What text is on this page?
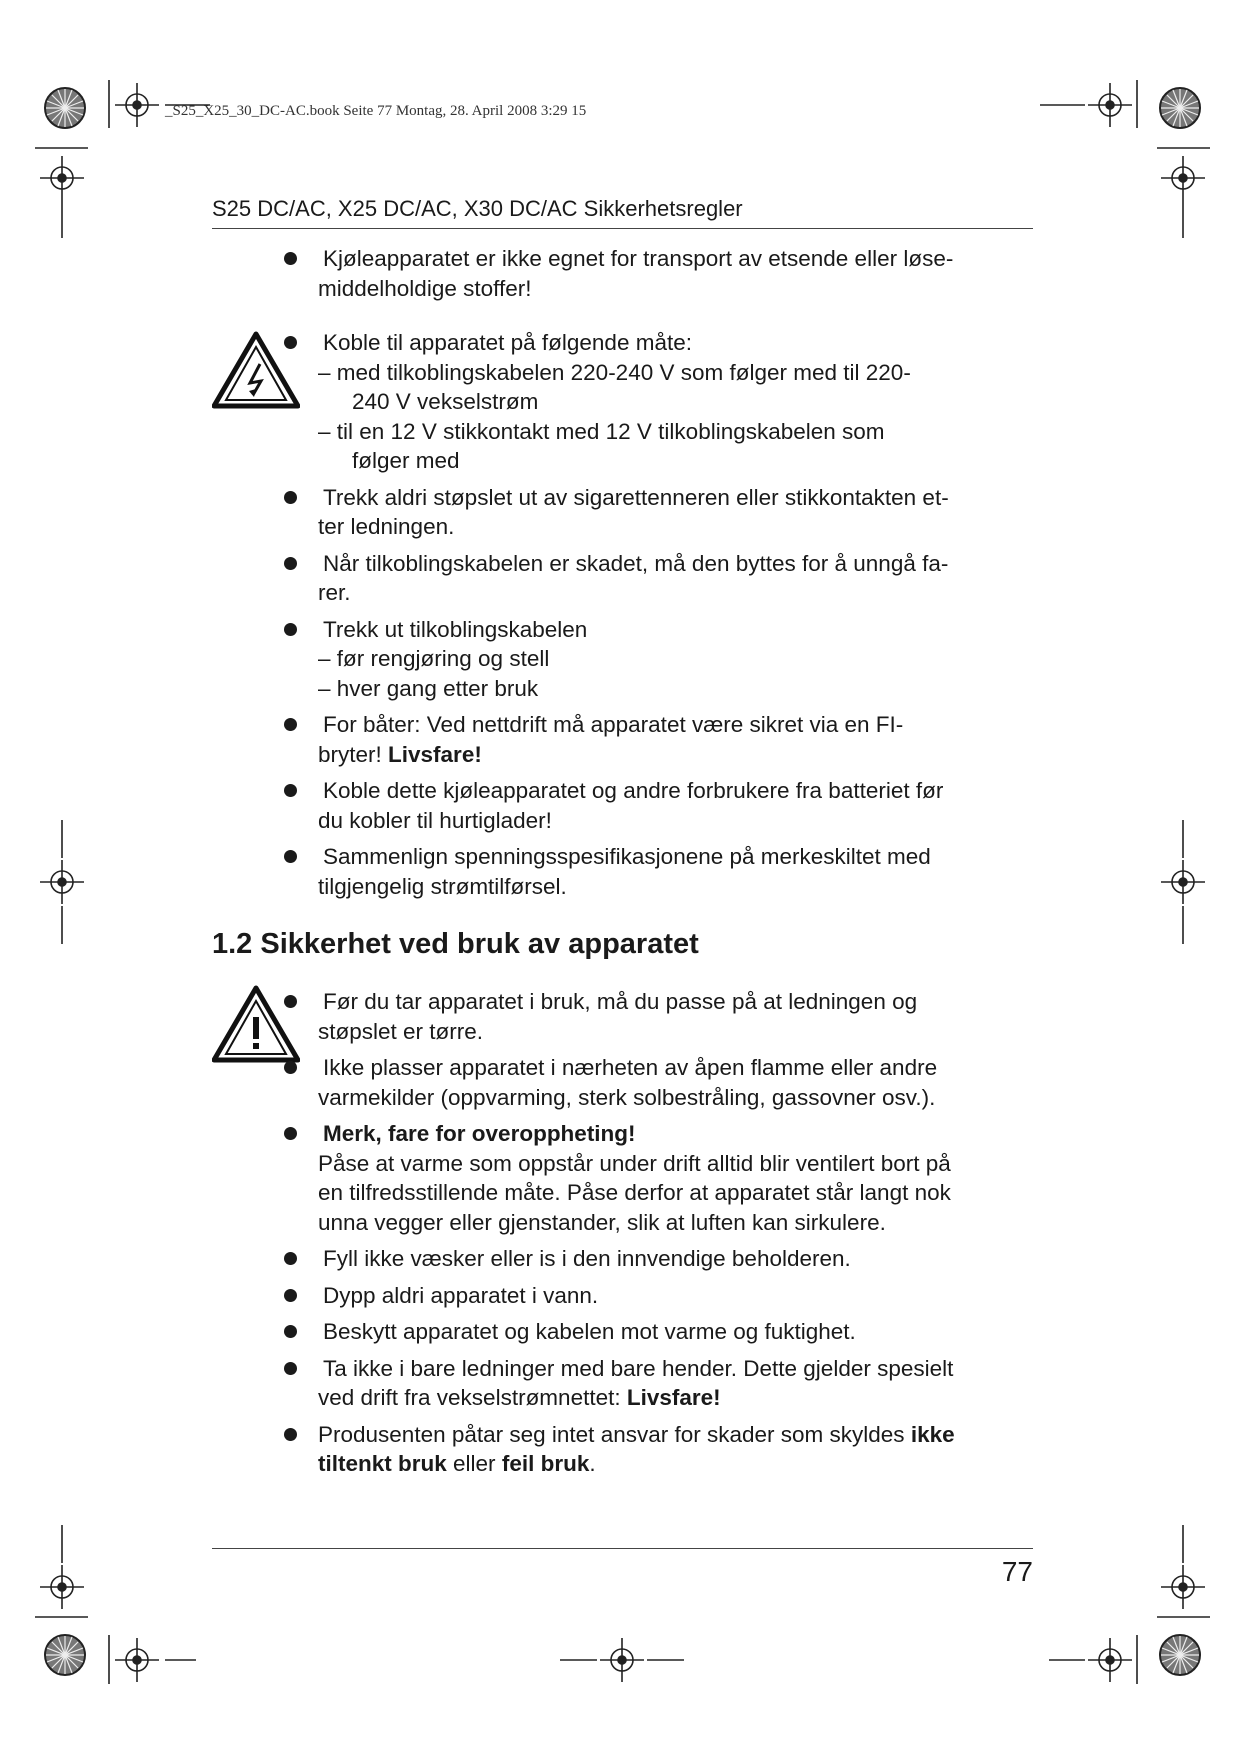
_S25_X25_30_DC-AC.book Seite 77 Montag, 28. April 2008 3:29 15
S25 DC/AC, X25 DC/AC, X30 DC/AC Sikkerhetsregler
Kjøleapparatet er ikke egnet for transport av etsende eller løse-
middelholdige stoffer!
Koble til apparatet på følgende måte:
– med tilkoblingskabelen 220-240 V som følger med til 220-
240 V vekselstrøm
– til en 12 V stikkontakt med 12 V tilkoblingskabelen som
følger med
Trekk aldri støpslet ut av sigarettenneren eller stikkontakten et-
ter ledningen.
Når tilkoblingskabelen er skadet, må den byttes for å unngå fa-
rer.
Trekk ut tilkoblingskabelen
– før rengjøring og stell
– hver gang etter bruk
For båter: Ved nettdrift må apparatet være sikret via en FI-
bryter! Livsfare!
Koble dette kjøleapparatet og andre forbrukere fra batteriet før
du kobler til hurtiglader!
Sammenlign spenningsspesifikasjonene på merkeskiltet med
tilgjengelig strømtilførsel.
1.2 Sikkerhet ved bruk av apparatet
Før du tar apparatet i bruk, må du passe på at ledningen og
støpslet er tørre.
Ikke plasser apparatet i nærheten av åpen flamme eller andre
varmekilder (oppvarming, sterk solbestråling, gassovner osv.).
Merk, fare for overoppheting!
Påse at varme som oppstår under drift alltid blir ventilert bort på
en tilfredsstillende måte. Påse derfor at apparatet står langt nok
unna vegger eller gjenstander, slik at luften kan sirkulere.
Fyll ikke væsker eller is i den innvendige beholderen.
Dypp aldri apparatet i vann.
Beskytt apparatet og kabelen mot varme og fuktighet.
Ta ikke i bare ledninger med bare hender. Dette gjelder spesielt
ved drift fra vekselstrømnettet: Livsfare!
Produsenten påtar seg intet ansvar for skader som skyldes ikke
tiltenkt bruk eller feil bruk.
77
